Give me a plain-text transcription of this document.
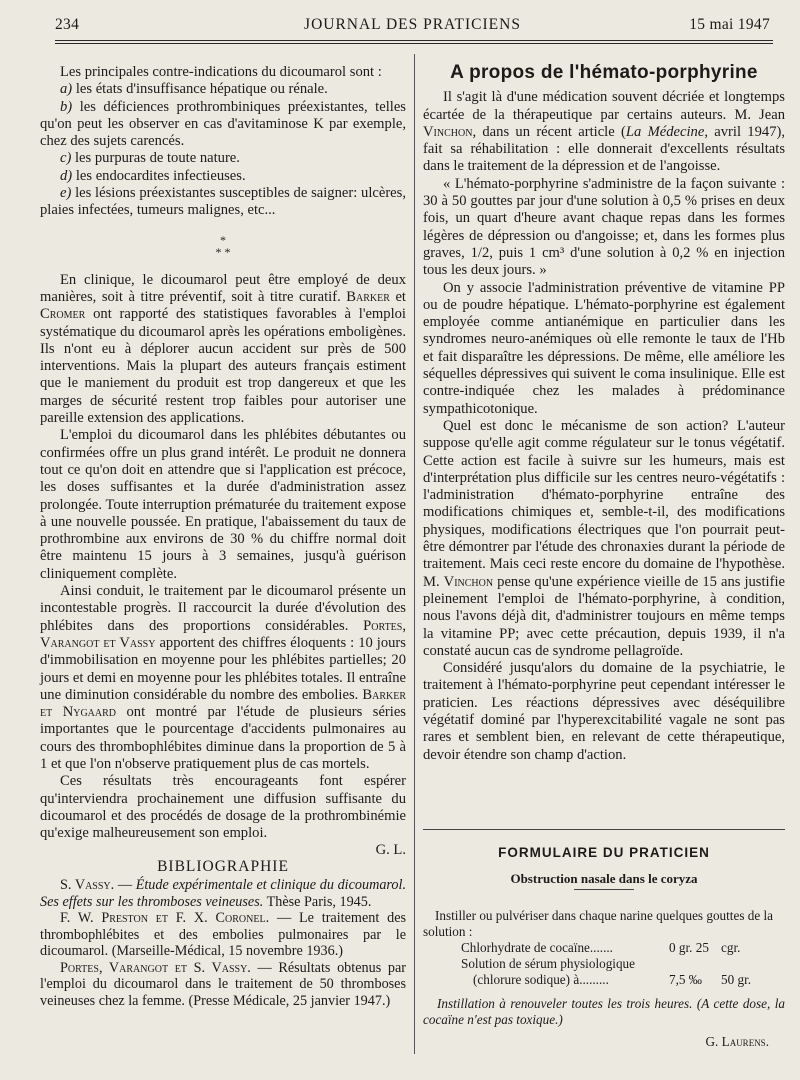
234	JOURNAL DES PRATICIENS	15 mai 1947

Les principales contre-indications du dicoumarol sont :

a) les états d'insuffisance hépatique ou rénale.

b) les déficiences prothrombiniques préexistantes, telles qu'on peut les observer en cas d'avitaminose K par exemple, chez des sujets carencés.

c) les purpuras de toute nature.

d) les endocardites infectieuses.

e) les lésions préexistantes susceptibles de saigner: ulcères, plaies infectées, tumeurs malignes, etc...

*
* *

En clinique, le dicoumarol peut être employé de deux manières, soit à titre préventif, soit à titre curatif. Barker et Cromer ont rapporté des statistiques favorables à l'emploi systématique du dicoumarol après les opérations emboligènes. Ils n'ont eu à déplorer aucun accident sur près de 500 interventions. Mais la plupart des auteurs français estiment que le maniement du produit est trop dangereux et que les marges de sécurité restent trop faibles pour autoriser une pareille extension des applications.

L'emploi du dicoumarol dans les phlébites débutantes ou confirmées offre un plus grand intérêt. Le produit ne donnera tout ce qu'on doit en attendre que si l'application est précoce, les doses suffisantes et la durée d'administration assez prolongée. Toute interruption prématurée du traitement expose à une nouvelle poussée. En pratique, l'abaissement du taux de prothrombine aux environs de 30 % du chiffre normal doit être maintenu 15 jours à 3 semaines, jusqu'à guérison cliniquement complète.

Ainsi conduit, le traitement par le dicoumarol présente un incontestable progrès. Il raccourcit la durée d'évolution des phlébites dans des proportions considérables. Portes, Varangot et Vassy apportent des chiffres éloquents : 10 jours d'immobilisation en moyenne pour les phlébites partielles; 20 jours et demi en moyenne pour les phlébites totales. Il entraîne une diminution considérable du nombre des embolies. Barker et Nygaard ont montré par l'étude de plusieurs séries importantes que le pourcentage d'accidents pulmonaires au cours des thrombophlébites diminue dans la proportion de 5 à 1 et que l'on n'observe pratiquement plus de cas mortels.

Ces résultats très encourageants font espérer qu'interviendra prochainement une diffusion suffisante du dicoumarol et des procédés de dosage de la prothrombinémie qu'exige malheureusement son emploi.

G. L.

BIBLIOGRAPHIE

S. Vassy. — Étude expérimentale et clinique du dicoumarol. Ses effets sur les thromboses veineuses. Thèse Paris, 1945.

F. W. Preston et F. X. Coronel. — Le traitement des thrombophlébites et des embolies pulmonaires par le dicoumarol. (Marseille-Médical, 15 novembre 1936.)

Portes, Varangot et S. Vassy. — Résultats obtenus par l'emploi du dicoumarol dans le traitement de 50 thromboses veineuses chez la femme. (Presse Médicale, 25 janvier 1947.)

A propos de l'hémato-porphyrine

Il s'agit là d'une médication souvent décriée et longtemps écartée de la thérapeutique par certains auteurs. M. Jean Vinchon, dans un récent article (La Médecine, avril 1947), fait sa réhabilitation : elle donnerait d'excellents résultats dans le traitement de la dépression et de l'angoisse.

« L'hémato-porphyrine s'administre de la façon suivante : 30 à 50 gouttes par jour d'une solution à 0,5 % prises en deux fois, un quart d'heure avant chaque repas dans les formes légères de dépression ou d'angoisse; et, dans les formes plus graves, 1/2, puis 1 cm³ d'une solution à 0,2 % en injection tous les deux jours. »

On y associe l'administration préventive de vitamine PP ou de poudre hépatique. L'hémato-porphyrine est également employée comme antianémique en particulier dans les syndromes neuro-anémiques où elle remonte le taux de l'Hb et fait disparaître les dépressions. De même, elle améliore les séquelles dépressives qui suivent le coma insulinique. Elle est contre-indiquée chez les malades à prédominance sympathicotonique.

Quel est donc le mécanisme de son action? L'auteur suppose qu'elle agit comme régulateur sur le tonus végétatif. Cette action est facile à suivre sur les humeurs, mais est d'interprétation plus difficile sur les centres neuro-végétatifs : l'administration d'hémato-porphyrine entraîne des modifications chimiques et, semble-t-il, des modifications physiques, modifications électriques que l'on pourrait peut-être démontrer par l'étude des chronaxies durant la période de traitement. Mais ceci reste encore du domaine de l'hypothèse. M. Vinchon pense qu'une expérience vieille de 15 ans justifie pleinement l'emploi de l'hémato-porphyrine, à condition, nous l'avons déjà dit, d'administrer toujours en même temps la vitamine PP; avec cette précaution, depuis 1939, il n'a constaté aucun cas de syndrome pellagroïde.

Considéré jusqu'alors du domaine de la psychiatrie, le traitement à l'hémato-porphyrine peut cependant intéresser le praticien. Les réactions dépressives avec déséquilibre végétatif dominé par l'hyperexcitabilité vagale ne sont pas rares et semblent bien, en relevant de cette thérapeutique, devoir étendre son champ d'action.

FORMULAIRE DU PRATICIEN
Obstruction nasale dans le coryza

Instiller ou pulvériser dans chaque narine quelques gouttes de la solution :

Chlorhydrate de cocaïne.......	0 gr. 25 cgr.
Solution de sérum physiologique
(chlorure sodique) à.........	7,5 ‰ 50 gr.
Instillation à renouveler toutes les trois heures. (A cette dose, la cocaïne n'est pas toxique.)
G. Laurens.
